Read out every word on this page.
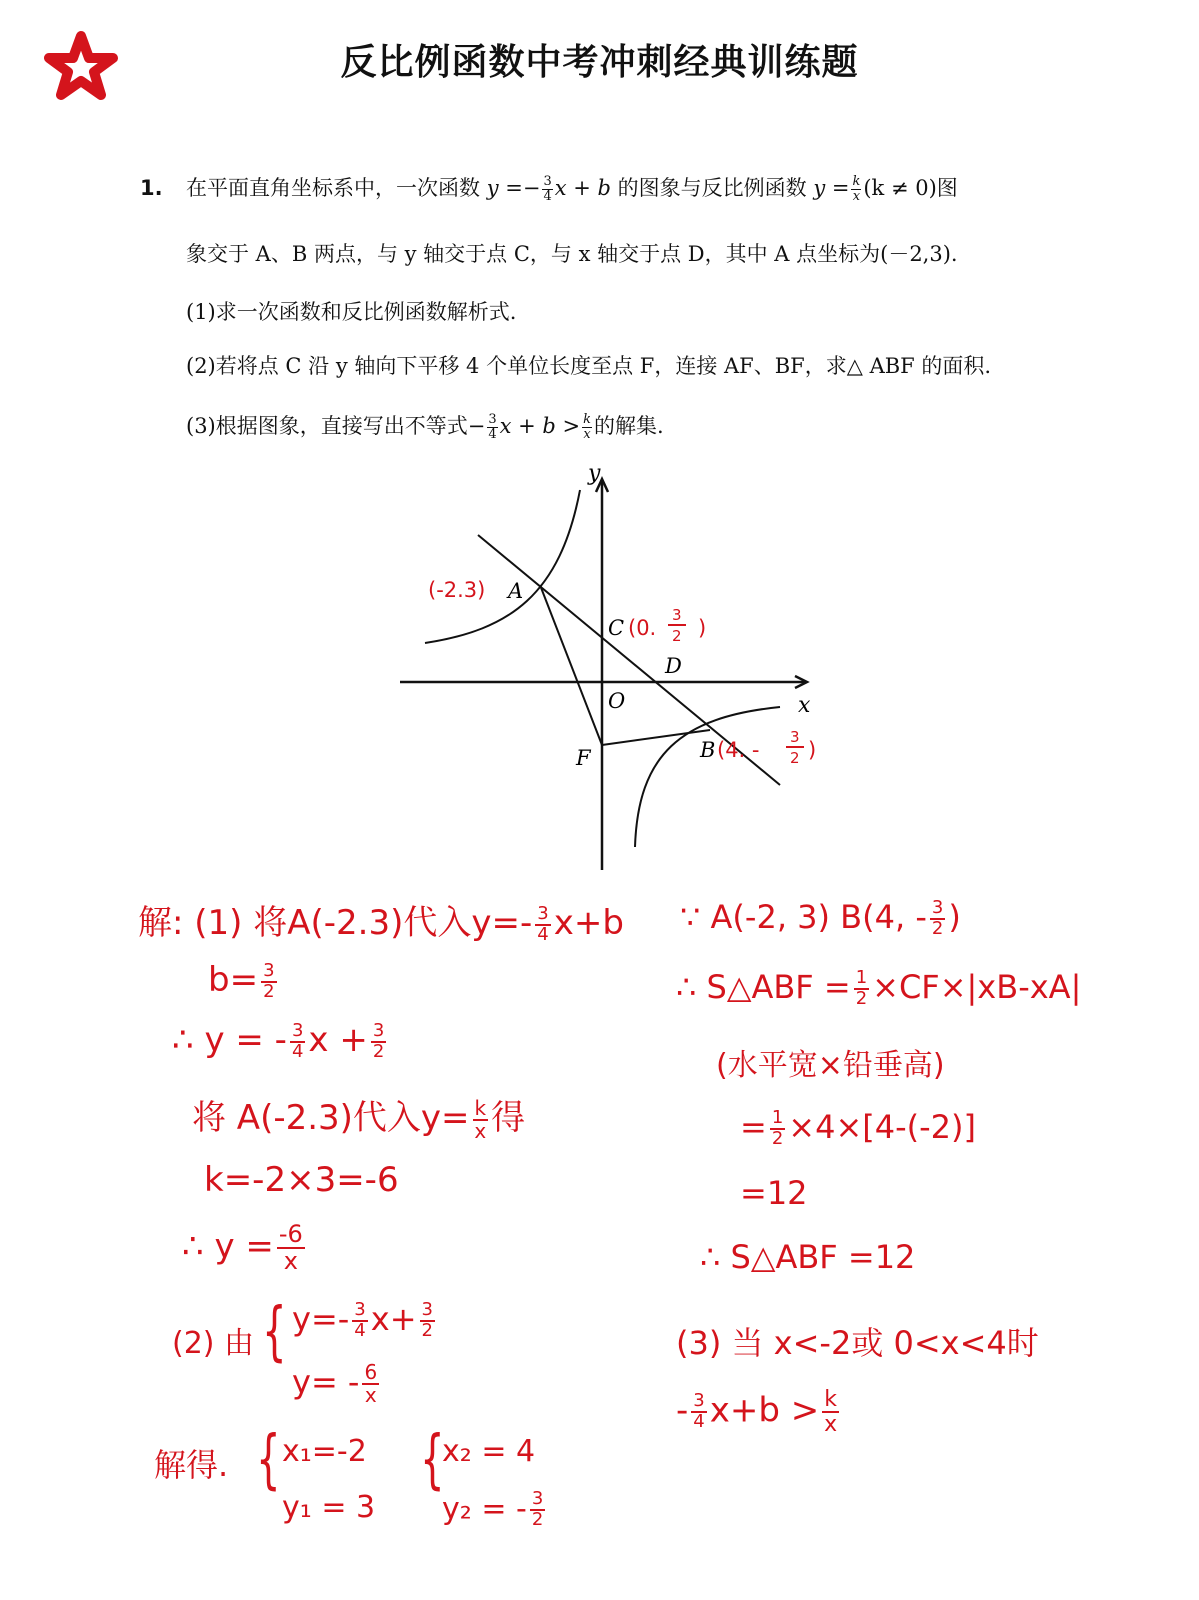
反比例函数中考冲刺经典训练题
1. 在平面直角坐标系中，一次函数 $y =- \frac{3}{4}$ x + b 的图象与反比例函数 $y = \frac{k}{x} (k \ne 0)$图
象交于 A、B 两点，与 y 轴交于点 C，与 x 轴交于点 D，其中 A 点坐标为(－2,3).
(1)求一次函数和反比例函数解析式.
(2)若将点 C 沿 y 轴向下平移 4 个单位长度至点 F，连接 AF、BF，求△ ABF 的面积.
(3)根据图象，直接写出不等式− $\frac{3}{4}$ $x + b > \frac{k}{x}$ 的解集.
y
x
O
A
B
C
D
F
(-2.3)
(0.
3
2 )
(4. -
3
2 )
解: (1) 将A(-2.3)代入$y=- \frac{3}{4} x+b$
$b= \frac{3}{2}$
∴ y = - $\frac{3}{4}$ $x + \frac{3}{2}$
将 A(-2.3)代入$y= \frac{k}{x}$ 得
k=-2×3=-6
∴ $y = \frac{-6}{x}$
(2) 由 { $y=- \frac{3}{4} x+ \frac{3}{2}$
$y= - \frac{6}{x}$
解得. { x₁=-2
y₁ = 3
{
x₂ = 4
y₂ = - $\frac{3}{2}$
∵ A(-2, 3) B(4, - $\frac{3}{2}$ )
∴ S△ABF = $\frac{1}{2} \times CF\times|xB-xA|$
(水平宽×铅垂高)
= $\frac{1}{2} \times 4\times[4-(-2)]$
=12
∴ S△ABF =12
(3) 当 x<-2或 0<x<4时
- $\frac{3}{4} x+b > \frac{k}{x}$
